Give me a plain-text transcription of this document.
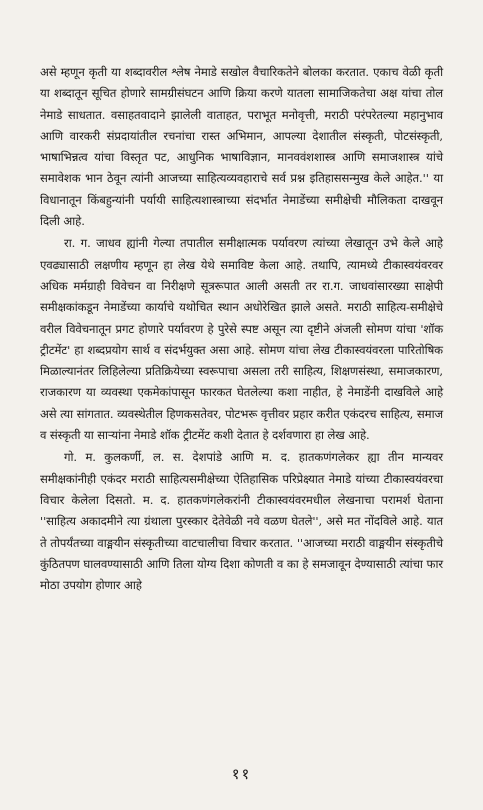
असे म्हणून कृती या शब्दावरील श्लेष नेमाडे सखोल वैचारिकतेने बोलका करतात. एकाच वेळी कृती या शब्दातून सूचित होणारे सामग्रीसंघटन आणि क्रिया करणे यातला सामाजिकतेचा अक्ष यांचा तोल नेमाडे साधतात. वसाहतवादाने झालेली वाताहत, पराभूत मनोवृत्ती, मराठी परंपरेतल्या महानुभाव आणि वारकरी संप्रदायांतील रचनांचा रास्त अभिमान, आपल्या देशातील संस्कृती, पोटसंस्कृती, भाषाभिन्नत्व यांचा विस्तृत पट, आधुनिक भाषाविज्ञान, मानववंशशास्त्र आणि समाजशास्त्र यांचे समावेशक भान ठेवून त्यांनी आजच्या साहित्यव्यवहाराचे सर्व प्रश्न इतिहाससन्मुख केले आहेत.'' या विधानातून किंबहुन्यांनी पर्यायी साहित्यशास्त्राच्या संदर्भात नेमाडेंच्या समीक्षेची मौलिकता दाखवून दिली आहे.

रा. ग. जाधव ह्यांनी गेल्या तपातील समीक्षात्मक पर्यावरण त्यांच्या लेखातून उभे केले आहे एवढ्यासाठी लक्षणीय म्हणून हा लेख येथे समाविष्ट केला आहे. तथापि, त्यामध्ये टीकास्वयंवरवर अधिक मर्मग्राही विवेचन वा निरीक्षणे सूत्ररूपात आली असती तर रा.ग. जाधवांसारख्या साक्षेपी समीक्षकांकडून नेमाडेंच्या कार्याचे यथोचित स्थान अधोरेखित झाले असते. मराठी साहित्य-समीक्षेचे वरील विवेचनातून प्रगट होणारे पर्यावरण हे पुरेसे स्पष्ट असून त्या दृष्टीने अंजली सोमण यांचा 'शॉक ट्रीटमेंट' हा शब्दप्रयोग सार्थ व संदर्भयुक्त असा आहे. सोमण यांचा लेख टीकास्वयंवरला पारितोषिक मिळाल्यानंतर लिहिलेल्या प्रतिक्रियेच्या स्वरूपाचा असला तरी साहित्य, शिक्षणसंस्था, समाजकारण, राजकारण या व्यवस्था एकमेकांपासून फारकत घेतलेल्या कशा नाहीत, हे नेमाडेंनी दाखविले आहे असे त्या सांगतात. व्यवस्थेतील हिणकसतेवर, पोटभरू वृत्तीवर प्रहार करीत एकंदरच साहित्य, समाज व संस्कृती या साऱ्यांना नेमाडे शॉक ट्रीटमेंट कशी देतात हे दर्शवणारा हा लेख आहे.

गो. म. कुलकर्णी, ल. स. देशपांडे आणि म. द. हातकणंगलेकर ह्या तीन मान्यवर समीक्षकांनीही एकंदर मराठी साहित्यसमीक्षेच्या ऐतिहासिक परिप्रेक्ष्यात नेमाडे यांच्या टीकास्वयंवरचा विचार केलेला दिसतो. म. द. हातकणंगलेकरांनी टीकास्वयंवरमधील लेखनाचा परामर्श घेताना ''साहित्य अकादमीने त्या ग्रंथाला पुरस्कार देतेवेळी नवे वळण घेतले'', असे मत नोंदविले आहे. यात ते तोपर्यंतच्या वाङ्मयीन संस्कृतीच्या वाटचालीचा विचार करतात. ''आजच्या मराठी वाङ्मयीन संस्कृतीचे कुंठितपण घालवण्यासाठी आणि तिला योग्य दिशा कोणती व का हे समजावून देण्यासाठी त्यांचा फार मोठा उपयोग होणार आहे

११
